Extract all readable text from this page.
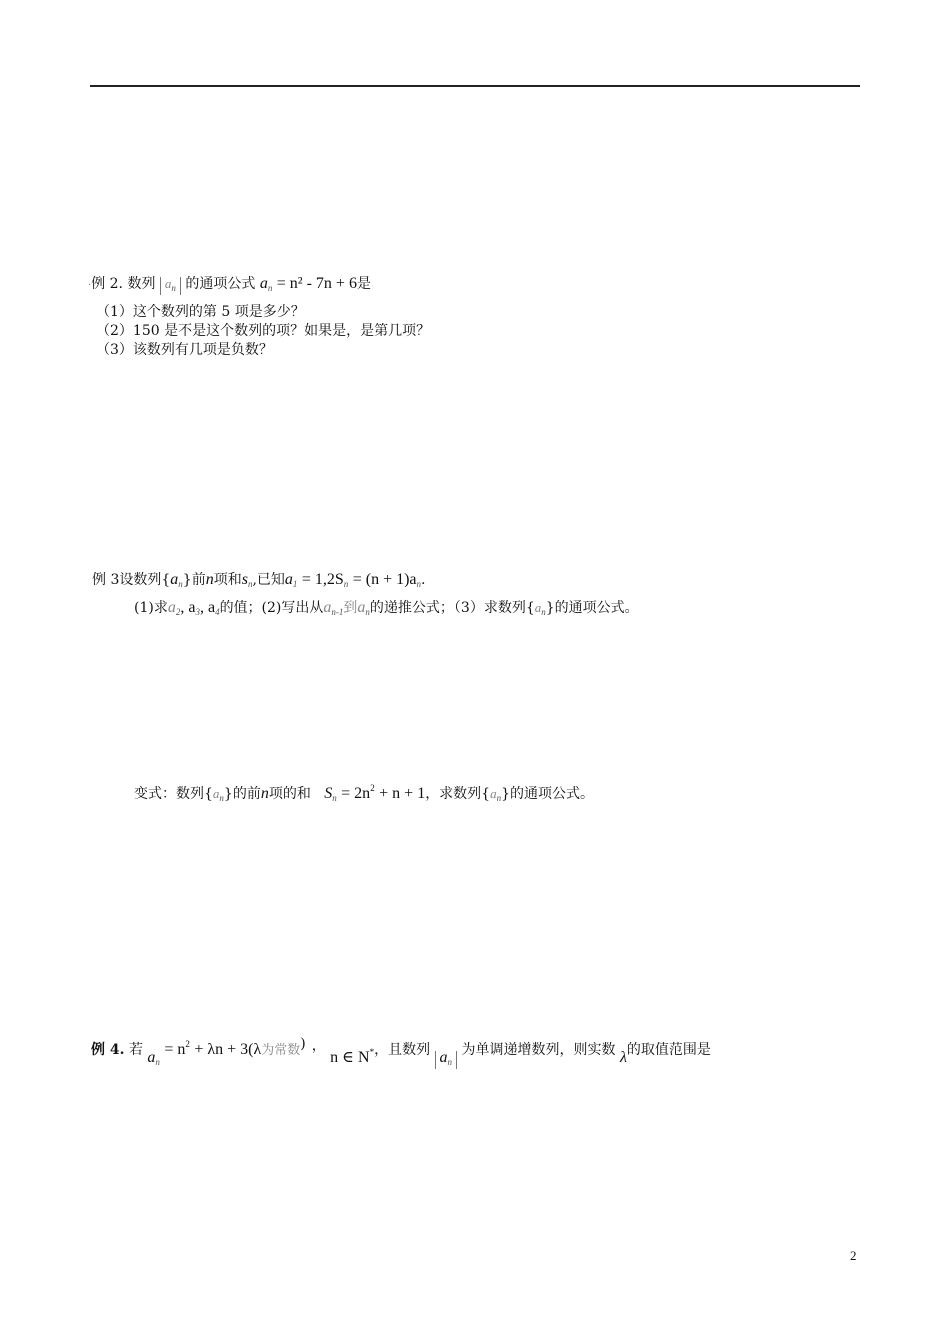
·例 2. 数列 $a_n$ 的通项公式 $a_n = n^2 - 7n + 6$是
（1）这个数列的第 5 项是多少？
（2）150 是不是这个数列的项？如果是，是第几项？
（3）该数列有几项是负数？
例 3设数列$\{a_n\}$前n项和$s_n$,已知$a_1 = 1,2S_n = (n + 1)a_n$.
(1)求$a_2$, $a_3$, $a_4$的值；(2)写出从$a_{n-1}$到$a_n$的递推公式；（3）求数列$\{a_n\}$的通项公式。
变式：数列$\{a_n\}$的前n项的和 $S_n = 2n^2 + n + 1$，求数列$\{a_n\}$的通项公式。
例 4. 若 $a_n = n^2 + \lambda n + 3(\lambda$为常数) ， n ∈ N*，且数列 $a_n$ 为单调递增数列，则实数 λ的取值范围是
2
